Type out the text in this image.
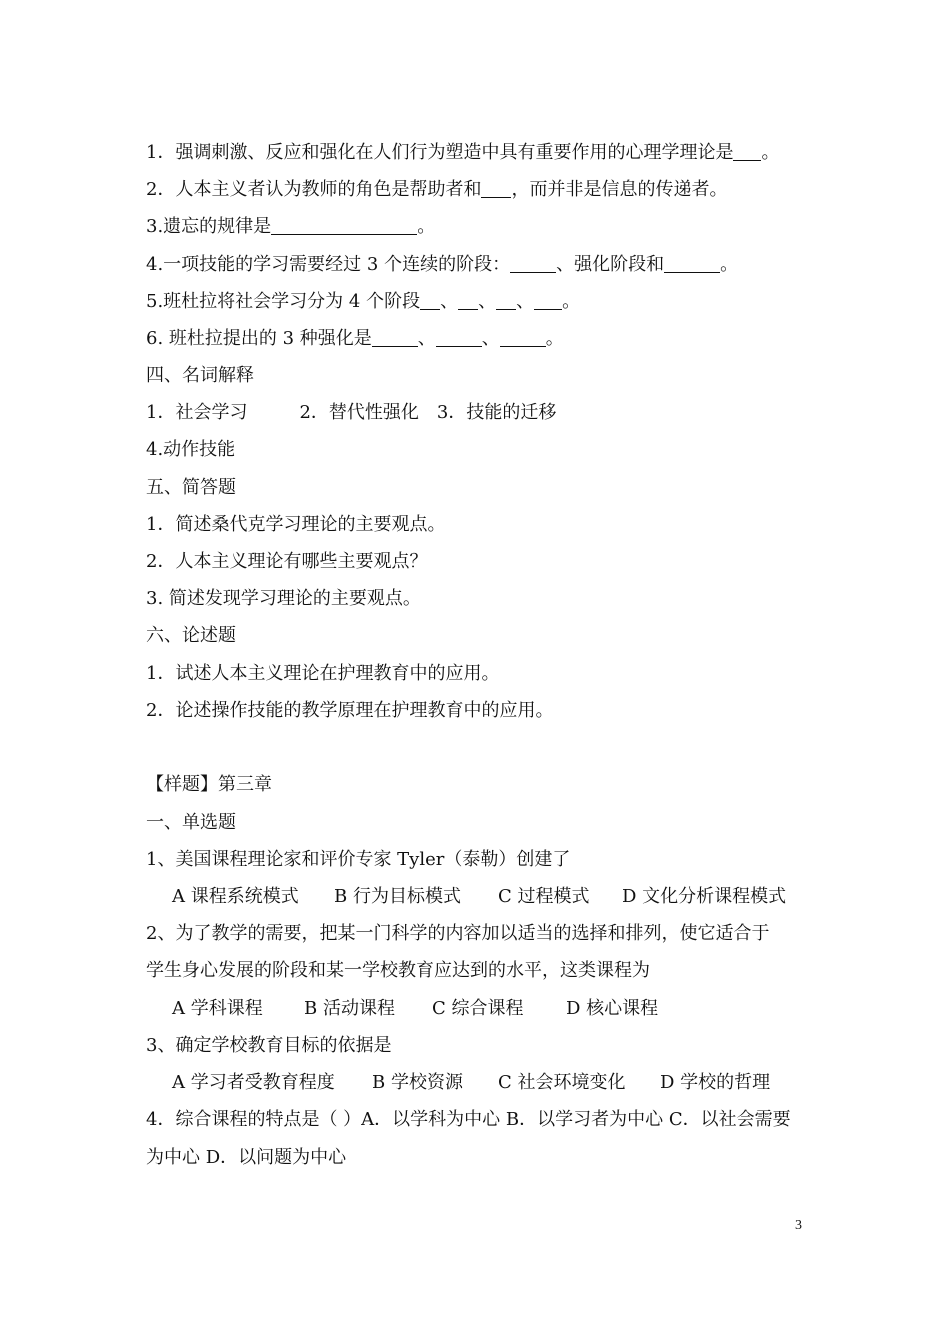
1．强调刺激、反应和强化在人们行为塑造中具有重要作用的心理学理论是 。
2．人本主义者认为教师的角色是帮助者和 ，而并非是信息的传递者。
3.遗忘的规律是	。
4.一项技能的学习需要经过 3 个连续的阶段：	、强化阶段和	。
5.班杜拉将社会学习分为 4 个阶段 、 、 、 。
6. 班杜拉提出的 3 种强化是	、	、	。
四、名词解释
1．社会学习	2．替代性强化 3．技能的迁移
4.动作技能
五、简答题
1．简述桑代克学习理论的主要观点。
2．人本主义理论有哪些主要观点？
3. 简述发现学习理论的主要观点。
六、论述题
1．试述人本主义理论在护理教育中的应用。
2．论述操作技能的教学原理在护理教育中的应用。
【样题】第三章
一、单选题
1、美国课程理论家和评价专家 Tyler（泰勒）创建了
A 课程系统模式 B 行为目标模式 C 过程模式 D 文化分析课程模式
2、为了教学的需要，把某一门科学的内容加以适当的选择和排列，使它适合于
学生身心发展的阶段和某一学校教育应达到的水平，这类课程为
A 学科课程 B 活动课程 C 综合课程 D 核心课程
3、确定学校教育目标的依据是
A 学习者受教育程度 B 学校资源 C 社会环境变化 D 学校的哲理
4．综合课程的特点是（ ）A．以学科为中心 B．以学习者为中心 C．以社会需要
为中心 D．以问题为中心
3
